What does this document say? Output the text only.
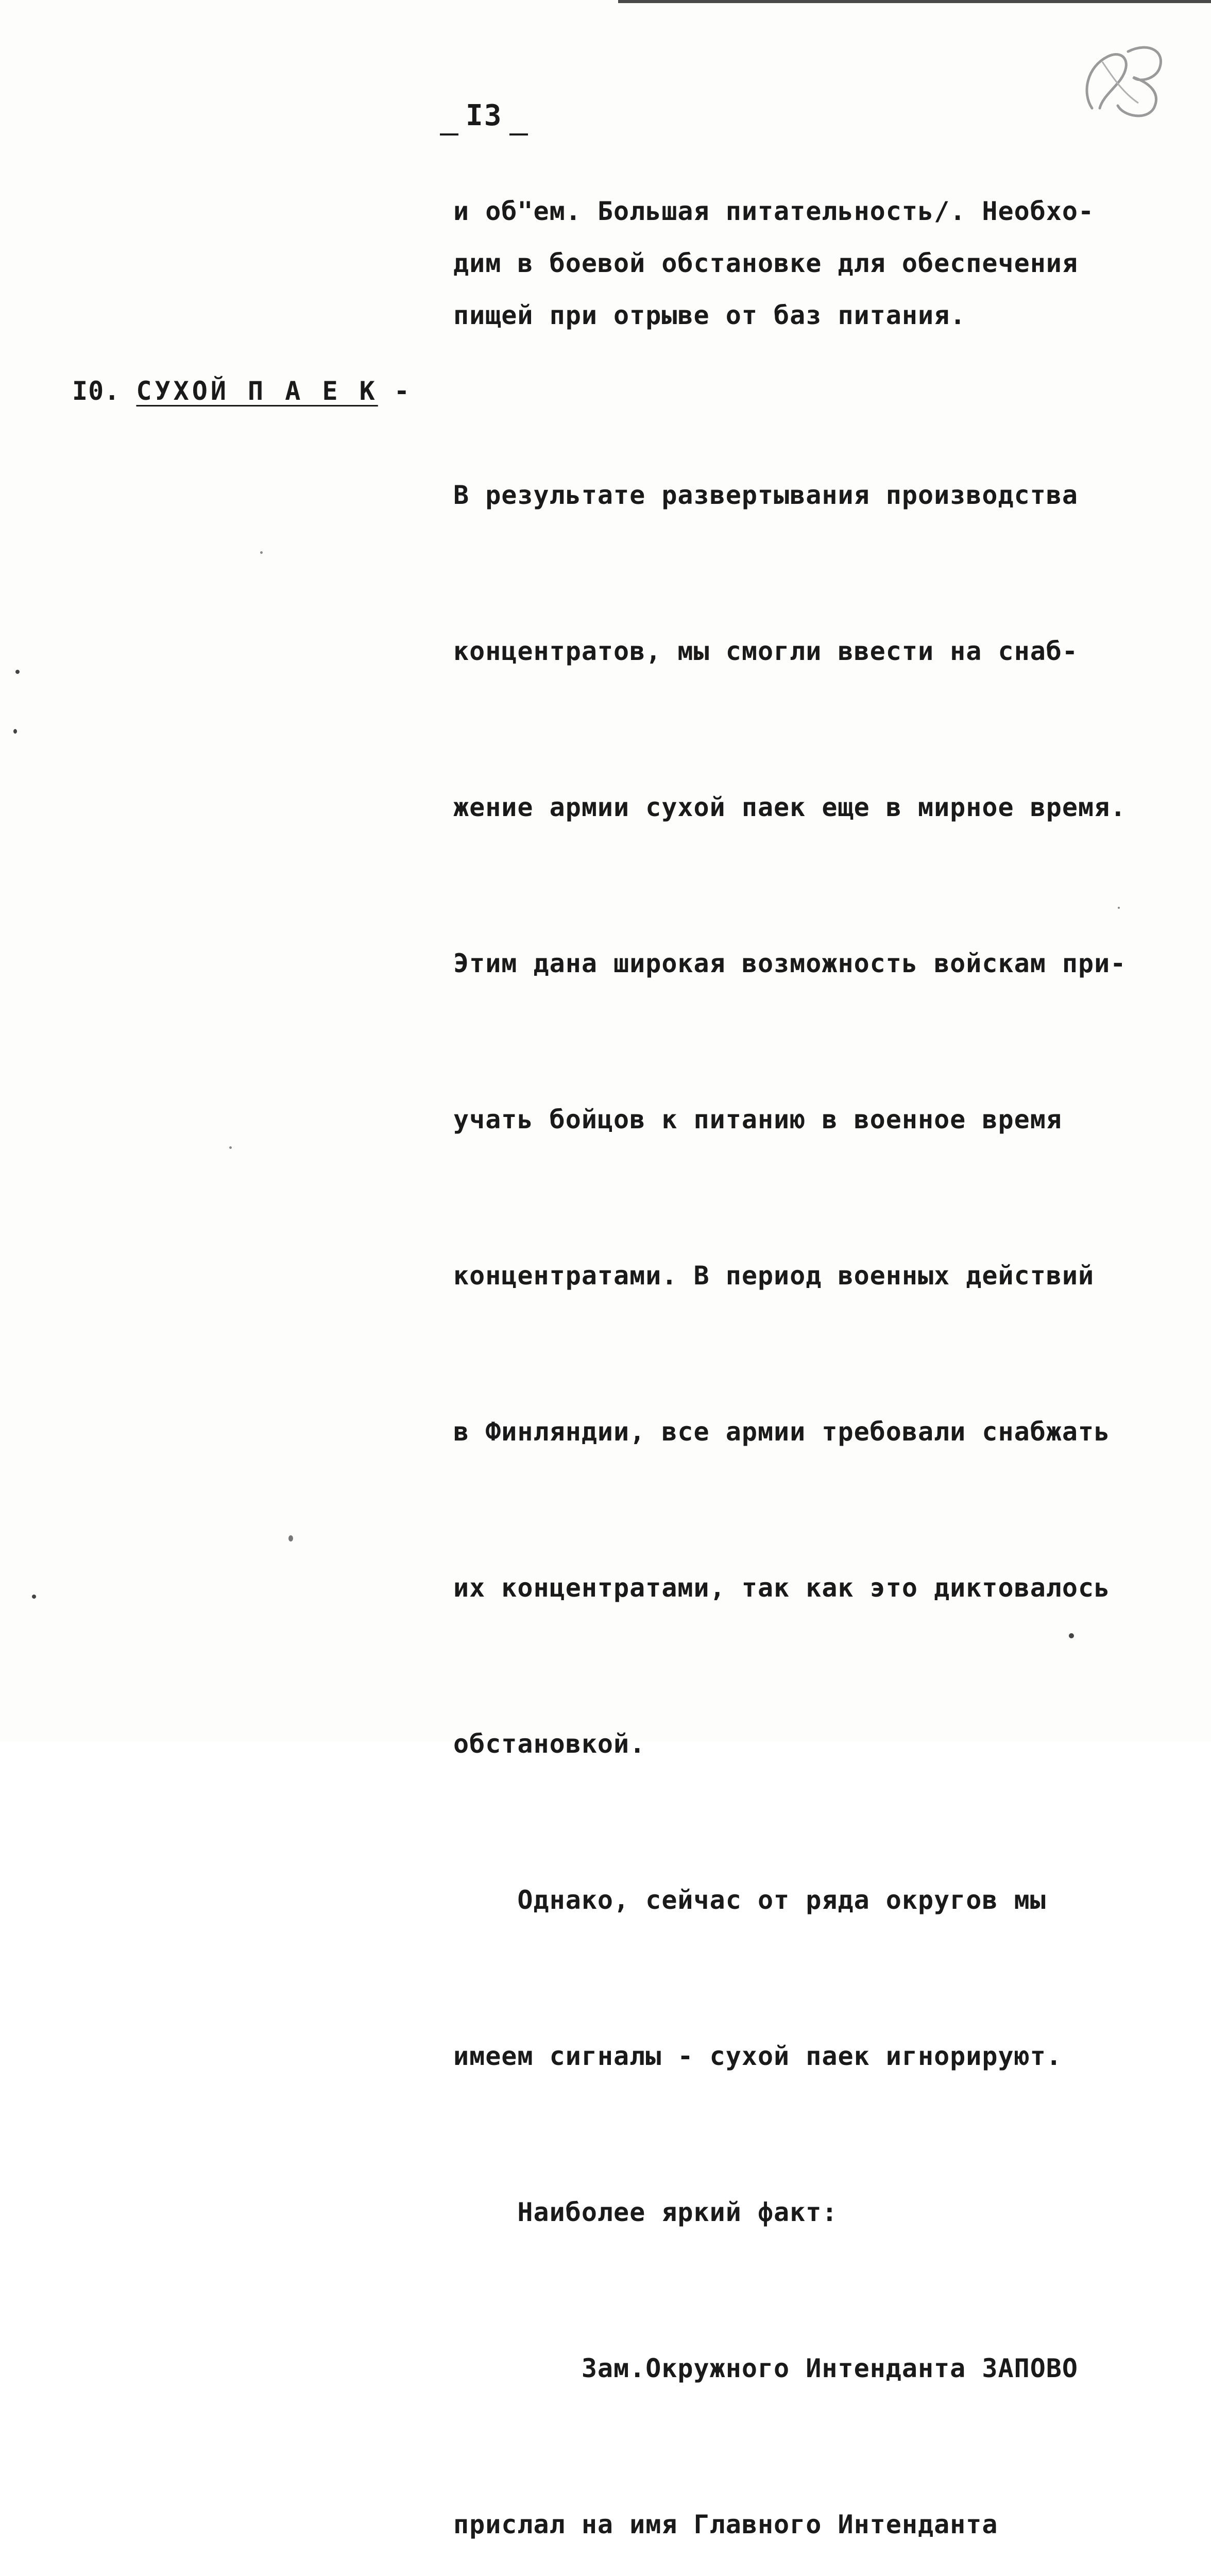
I3
и об"ем. Большая питательность/. Необхо-
дим в боевой обстановке для обеспечения
пищей при отрыве от баз питания.
I0. СУХОЙ П А Е К -

В результате развертывания производства

концентратов, мы смогли ввести на снаб-

жение армии сухой паек еще в мирное время.

Этим дана широкая возможность войскам при-

учать бойцов к питанию в военное время

концентратами. В период военных действий

в Финляндии, все армии требовали снабжать

их концентратами, так как это диктовалось

обстановкой.

Однако, сейчас от ряда округов мы

имеем сигналы - сухой паек игнорируют.

Наиболее яркий факт:

Зам.Окружного Интенданта ЗАПОВО

прислал на имя Главного Интенданта
